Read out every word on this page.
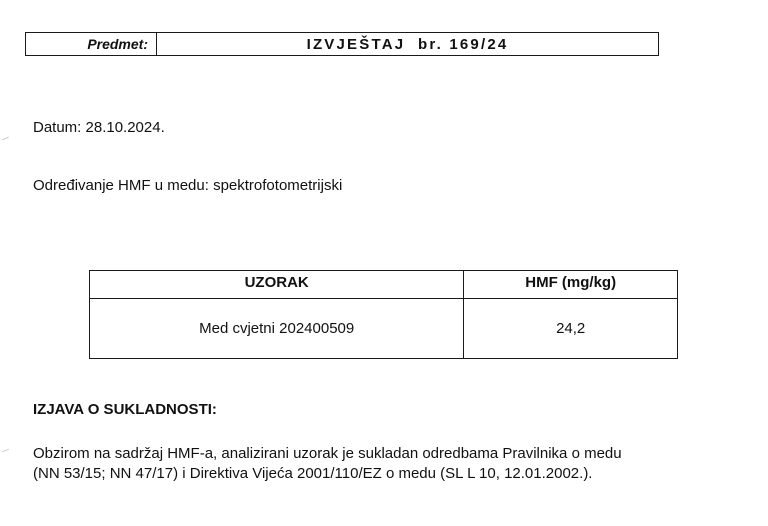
Predmet:	IZVJEŠTAJ  br. 169/24
Datum: 28.10.2024.
Određivanje HMF u medu: spektrofotometrijski
UZORAK	HMF (mg/kg)
Med cvjetni 202400509	24,2
IZJAVA O SUKLADNOSTI:
Obzirom na sadržaj HMF-a, analizirani uzorak je sukladan odredbama Pravilnika o medu
(NN 53/15; NN 47/17) i Direktiva Vijeća 2001/110/EZ o medu (SL L 10, 12.01.2002.).
